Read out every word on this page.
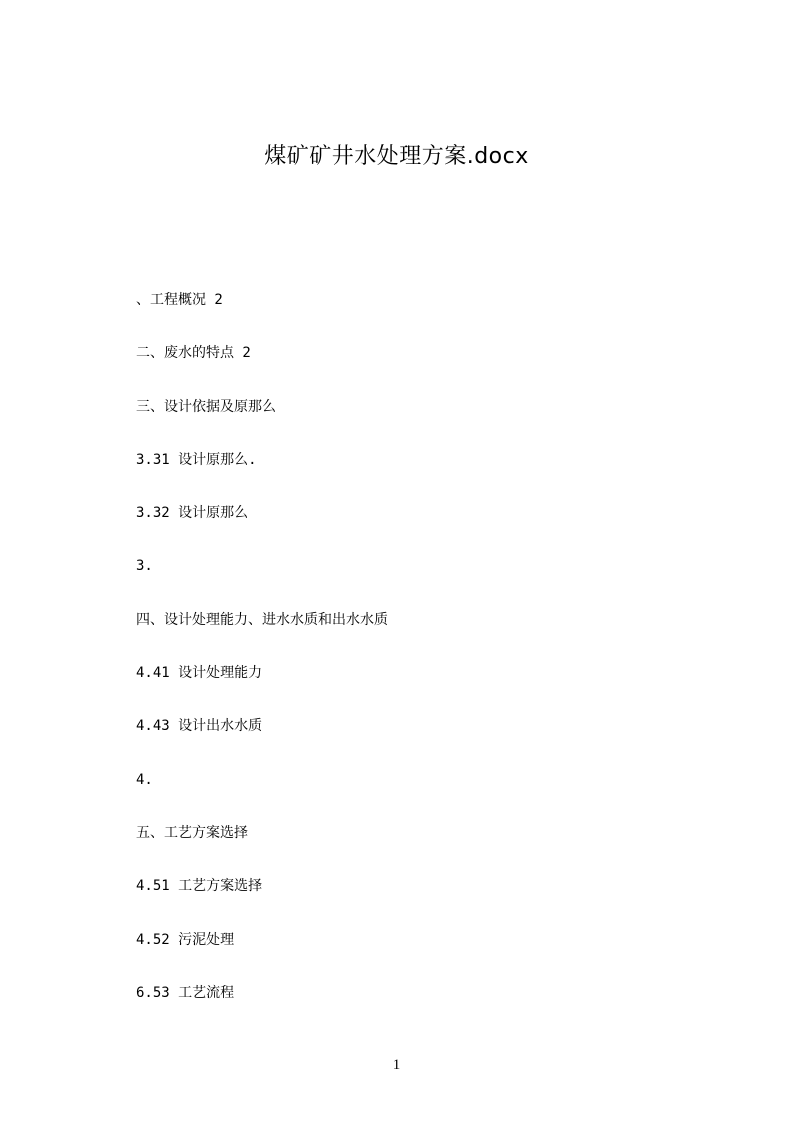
煤矿矿井水处理方案.docx
、工程概况 2
二、废水的特点 2
三、设计依据及原那么
3.31 设计原那么.
3.32 设计原那么
3.
四、设计处理能力、进水水质和出水水质
4.41 设计处理能力
4.43 设计出水水质
4.
五、工艺方案选择
4.51 工艺方案选择
4.52 污泥处理
6.53 工艺流程
1
